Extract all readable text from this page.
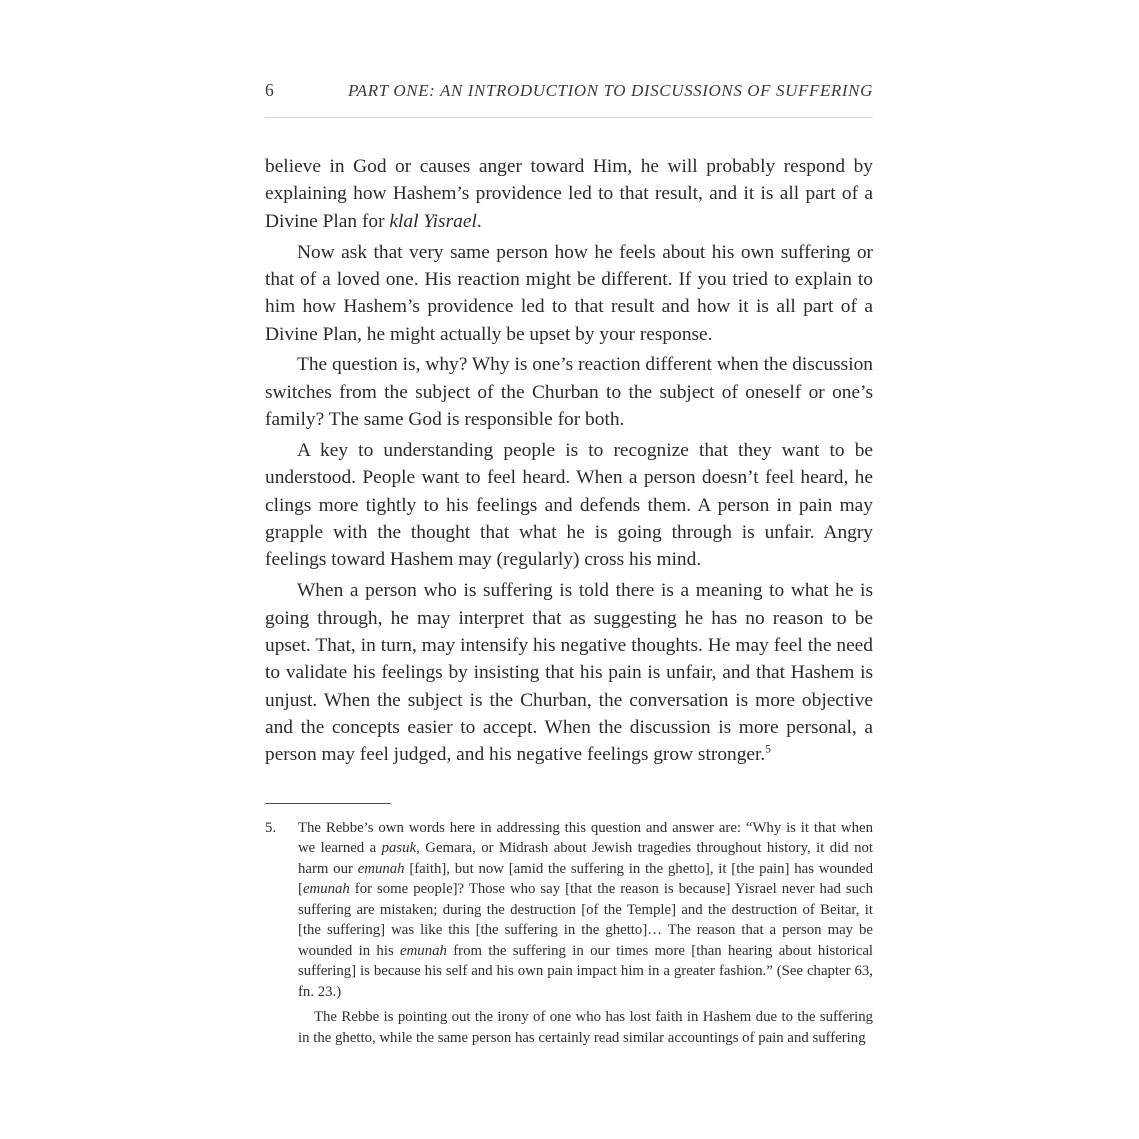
6	PART ONE: AN INTRODUCTION TO DISCUSSIONS OF SUFFERING

believe in God or causes anger toward Him, he will probably respond by explaining how Hashem’s providence led to that result, and it is all part of a Divine Plan for klal Yisrael.

Now ask that very same person how he feels about his own suffering or that of a loved one. His reaction might be different. If you tried to explain to him how Hashem’s providence led to that result and how it is all part of a Divine Plan, he might actually be upset by your response.

The question is, why? Why is one’s reaction different when the discussion switches from the subject of the Churban to the subject of oneself or one’s family? The same God is responsible for both.

A key to understanding people is to recognize that they want to be understood. People want to feel heard. When a person doesn’t feel heard, he clings more tightly to his feelings and defends them. A person in pain may grapple with the thought that what he is going through is unfair. Angry feelings toward Hashem may (regularly) cross his mind.

When a person who is suffering is told there is a meaning to what he is going through, he may interpret that as suggesting he has no reason to be upset. That, in turn, may intensify his negative thoughts. He may feel the need to validate his feelings by insisting that his pain is unfair, and that Hashem is unjust. When the subject is the Churban, the conversation is more objective and the concepts easier to accept. When the discussion is more personal, a person may feel judged, and his negative feelings grow stronger.$^5$

5. The Rebbe’s own words here in addressing this question and answer are: “Why is it that when we learned a pasuk, Gemara, or Midrash about Jewish tragedies throughout history, it did not harm our emunah [faith], but now [amid the suffering in the ghetto], it [the pain] has wounded [emunah for some people]? Those who say [that the reason is because] Yisrael never had such suffering are mistaken; during the destruction [of the Temple] and the destruction of Beitar, it [the suffering] was like this [the suffering in the ghetto]… The reason that a person may be wounded in his emunah from the suffering in our times more [than hearing about historical suffering] is because his self and his own pain impact him in a greater fashion.” (See chapter 63, fn. 23.)

The Rebbe is pointing out the irony of one who has lost faith in Hashem due to the suffering in the ghetto, while the same person has certainly read similar accountings of pain and suffering
